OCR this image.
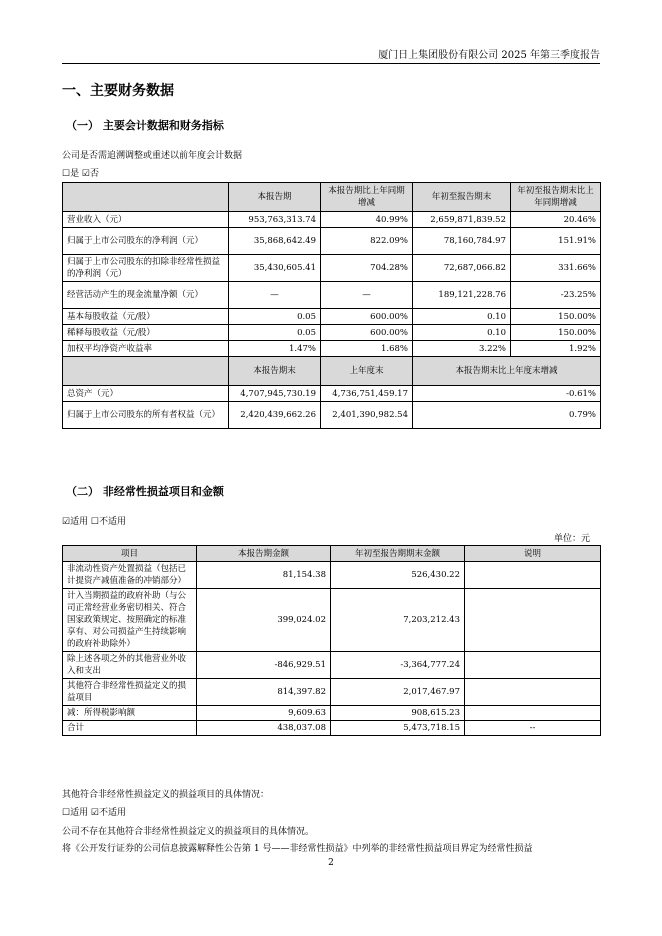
厦门日上集团股份有限公司 2025 年第三季度报告
一、主要财务数据
（一） 主要会计数据和财务指标
公司是否需追溯调整或重述以前年度会计数据
☐是 ☑否
	本报告期	本报告期比上年同期增减	年初至报告期末	年初至报告期末比上年同期增减
营业收入（元）	953,763,313.74	40.99%	2,659,871,839.52	20.46%
归属于上市公司股东的净利润（元）	35,868,642.49	822.09%	78,160,784.97	151.91%
归属于上市公司股东的扣除非经常性损益的净利润（元）	35,430,605.41	704.28%	72,687,066.82	331.66%
经营活动产生的现金流量净额（元）	—	—	189,121,228.76	-23.25%
基本每股收益（元/股）	0.05	600.00%	0.10	150.00%
稀释每股收益（元/股）	0.05	600.00%	0.10	150.00%
加权平均净资产收益率	1.47%	1.68%	3.22%	1.92%
	本报告期末	上年度末	本报告期末比上年度末增减	
总资产（元）	4,707,945,730.19	4,736,751,459.17	-0.61%	
归属于上市公司股东的所有者权益（元）	2,420,439,662.26	2,401,390,982.54	0.79%	
（二） 非经常性损益项目和金额
☑适用 ☐不适用
单位：元
项目	本报告期金额	年初至报告期期末金额	说明
非流动性资产处置损益（包括已计提资产减值准备的冲销部分）	81,154.38	526,430.22	
计入当期损益的政府补助（与公司正常经营业务密切相关、符合国家政策规定、按照确定的标准享有、对公司损益产生持续影响的政府补助除外）	399,024.02	7,203,212.43	
除上述各项之外的其他营业外收入和支出	-846,929.51	-3,364,777.24	
其他符合非经常性损益定义的损益项目	814,397.82	2,017,467.97	
减：所得税影响额	9,609.63	908,615.23	
合计	438,037.08	5,473,718.15	--
其他符合非经常性损益定义的损益项目的具体情况：
☐适用 ☑不适用
公司不存在其他符合非经常性损益定义的损益项目的具体情况。
将《公开发行证券的公司信息披露解释性公告第 1 号——非经常性损益》中列举的非经常性损益项目界定为经常性损益
2
